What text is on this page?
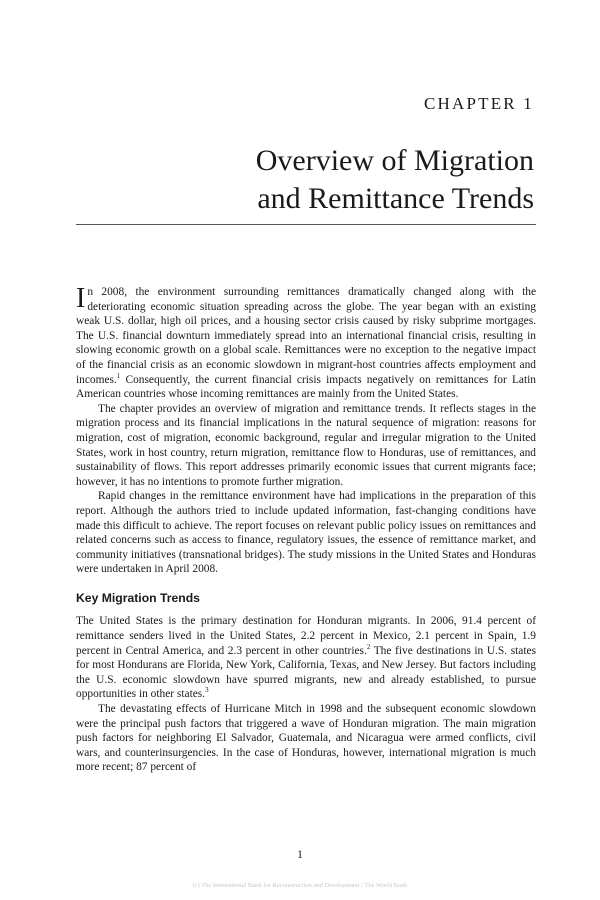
CHAPTER 1
Overview of Migration
and Remittance Trends

In 2008, the environment surrounding remittances dramatically changed along with the deteriorating economic situation spreading across the globe. The year began with an existing weak U.S. dollar, high oil prices, and a housing sector crisis caused by risky subprime mortgages. The U.S. financial downturn immediately spread into an international financial crisis, resulting in slowing economic growth on a global scale. Remittances were no exception to the negative impact of the financial crisis as an economic slowdown in migrant-host countries affects employment and incomes.$^1$ Consequently, the current financial crisis impacts negatively on remittances for Latin American countries whose incoming remittances are mainly from the United States.

The chapter provides an overview of migration and remittance trends. It reflects stages in the migration process and its financial implications in the natural sequence of migration: reasons for migration, cost of migration, economic background, regular and irregular migration to the United States, work in host country, return migration, remittance flow to Honduras, use of remittances, and sustainability of flows. This report addresses primarily economic issues that current migrants face; however, it has no intentions to promote further migration.

Rapid changes in the remittance environment have had implications in the preparation of this report. Although the authors tried to include updated information, fast-changing conditions have made this difficult to achieve. The report focuses on relevant public policy issues on remittances and related concerns such as access to finance, regulatory issues, the essence of remittance market, and community initiatives (transnational bridges). The study missions in the United States and Honduras were undertaken in April 2008.

Key Migration Trends

The United States is the primary destination for Honduran migrants. In 2006, 91.4 percent of remittance senders lived in the United States, 2.2 percent in Mexico, 2.1 percent in Spain, 1.9 percent in Central America, and 2.3 percent in other countries.$^2$ The five destinations in U.S. states for most Hondurans are Florida, New York, California, Texas, and New Jersey. But factors including the U.S. economic slowdown have spurred migrants, new and already established, to pursue opportunities in other states.$^3$

The devastating effects of Hurricane Mitch in 1998 and the subsequent economic slowdown were the principal push factors that triggered a wave of Honduran migration. The main migration push factors for neighboring El Salvador, Guatemala, and Nicaragua were armed conflicts, civil wars, and counterinsurgencies. In the case of Honduras, however, international migration is much more recent; 87 percent of

1
(c) The International Bank for Reconstruction and Development / The World Bank
